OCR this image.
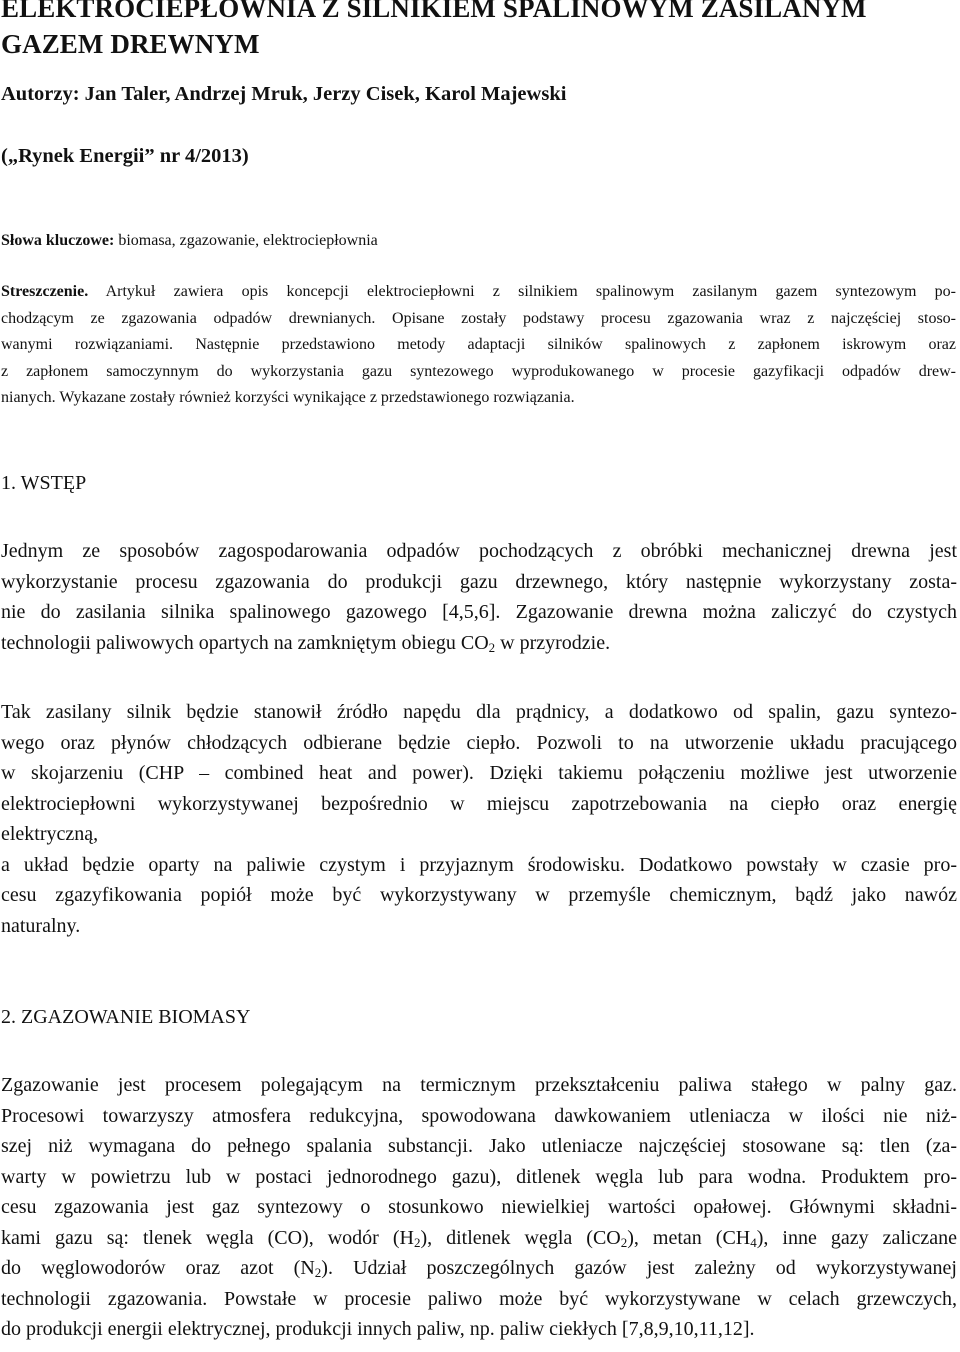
ELEKTROCIEPŁOWNIA Z SILNIKIEM SPALINOWYM ZASILANYM
GAZEM DREWNYM

Autorzy: Jan Taler, Andrzej Mruk, Jerzy Cisek, Karol Majewski

(„Rynek Energii” nr 4/2013)

Słowa kluczowe: biomasa, zgazowanie, elektrociepłownia

Streszczenie. Artykuł zawiera opis koncepcji elektrociepłowni z silnikiem spalinowym zasilanym gazem syntezowym po-
chodzącym ze zgazowania odpadów drewnianych. Opisane zostały podstawy procesu zgazowania wraz z najczęściej stoso-
wanymi rozwiązaniami. Następnie przedstawiono metody adaptacji silników spalinowych z zapłonem iskrowym oraz
z zapłonem samoczynnym do wykorzystania gazu syntezowego wyprodukowanego w procesie gazyfikacji odpadów drew-
nianych. Wykazane zostały również korzyści wynikające z przedstawionego rozwiązania.
1. WSTĘP
Jednym ze sposobów zagospodarowania odpadów pochodzących z obróbki mechanicznej drewna jest
wykorzystanie procesu zgazowania do produkcji gazu drzewnego, który następnie wykorzystany zosta-
nie do zasilania silnika spalinowego gazowego [4,5,6]. Zgazowanie drewna można zaliczyć do czystych
technologii paliwowych opartych na zamkniętym obiegu $CO_2$ w przyrodzie.
Tak zasilany silnik będzie stanowił źródło napędu dla prądnicy, a dodatkowo od spalin, gazu syntezo-
wego oraz płynów chłodzących odbierane będzie ciepło. Pozwoli to na utworzenie układu pracującego
w skojarzeniu (CHP – combined heat and power). Dzięki takiemu połączeniu możliwe jest utworzenie
elektrociepłowni wykorzystywanej bezpośrednio w miejscu zapotrzebowania na ciepło oraz energię
elektryczną,
a układ będzie oparty na paliwie czystym i przyjaznym środowisku. Dodatkowo powstały w czasie pro-
cesu zgazyfikowania popiół może być wykorzystywany w przemyśle chemicznym, bądź jako nawóz
naturalny.
2. ZGAZOWANIE BIOMASY
Zgazowanie jest procesem polegającym na termicznym przekształceniu paliwa stałego w palny gaz.
Procesowi towarzyszy atmosfera redukcyjna, spowodowana dawkowaniem utleniacza w ilości nie niż-
szej niż wymagana do pełnego spalania substancji. Jako utleniacze najczęściej stosowane są: tlen (za-
warty w powietrzu lub w postaci jednorodnego gazu), ditlenek węgla lub para wodna. Produktem pro-
cesu zgazowania jest gaz syntezowy o stosunkowo niewielkiej wartości opałowej. Głównymi składni-
kami gazu są: tlenek węgla (CO), wodór $(H_2)$, ditlenek węgla $(CO_2)$, metan $(CH_4)$, inne gazy zaliczane
do węglowodorów oraz azot $(N_2)$. Udział poszczególnych gazów jest zależny od wykorzystywanej
technologii zgazowania. Powstałe w procesie paliwo może być wykorzystywane w celach grzewczych,
do produkcji energii elektrycznej, produkcji innych paliw, np. paliw ciekłych [7,8,9,10,11,12].
